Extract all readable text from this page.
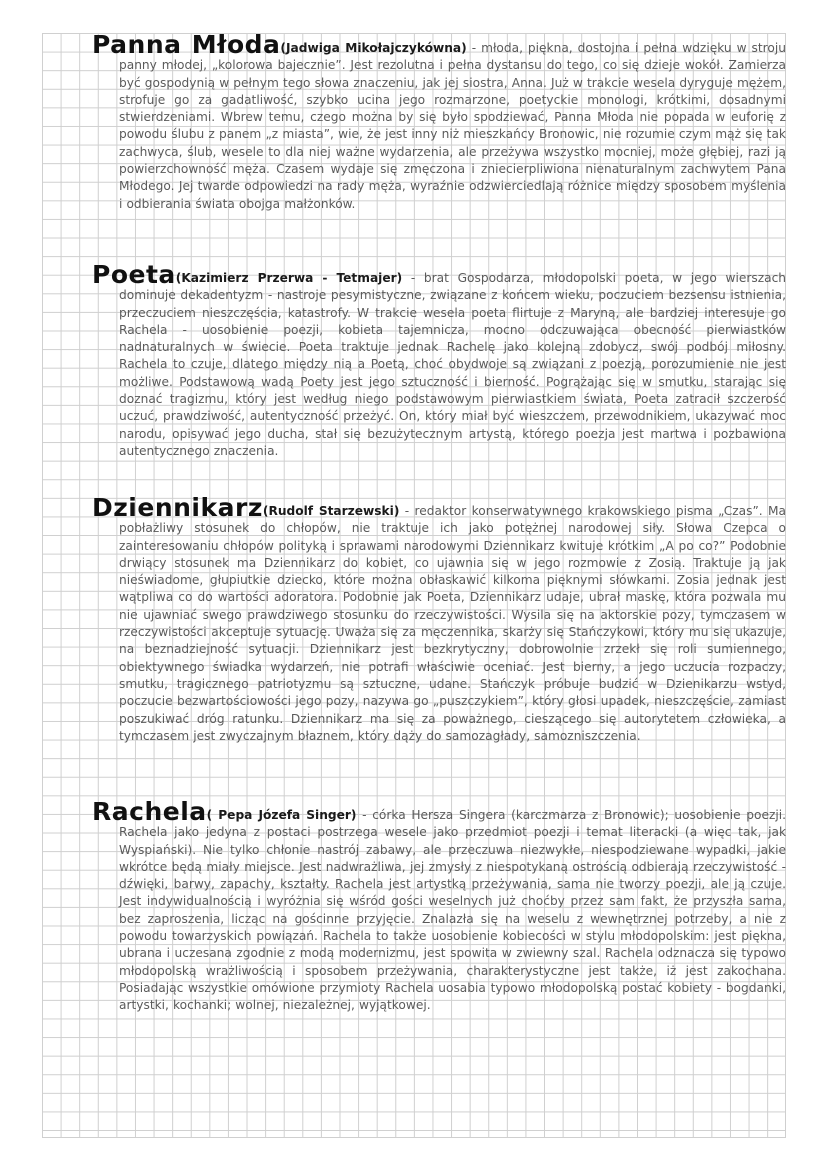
Panna Młoda(Jadwiga Mikołajczykówna) - młoda, piękna, dostojna i pełna wdzięku w stroju panny młodej, „kolorowa bajecznie”. Jest rezolutna i pełna dystansu do tego, co się dzieje wokół. Zamierza być gospodynią w pełnym tego słowa znaczeniu, jak jej siostra, Anna. Już w trakcie wesela dyryguje mężem, strofuje go za gadatliwość, szybko ucina jego rozmarzone, poetyckie monologi, krótkimi, dosadnymi stwierdzeniami. Wbrew temu, czego można by się było spodziewać, Panna Młoda nie popada w euforię z powodu ślubu z panem „z miasta”, wie, że jest inny niż mieszkańcy Bronowic, nie rozumie czym mąż się tak zachwyca, ślub, wesele to dla niej ważne wydarzenia, ale przeżywa wszystko mocniej, może głębiej, razi ją powierzchowność męża. Czasem wydaje się zmęczona i zniecierpliwiona nienaturalnym zachwytem Pana Młodego. Jej twarde odpowiedzi na rady męża, wyraźnie odzwierciedlają różnice między sposobem myślenia i odbierania świata obojga małżonków.

Poeta(Kazimierz Przerwa - Tetmajer) - brat Gospodarza, młodopolski poeta, w jego wierszach dominuje dekadentyzm - nastroje pesymistyczne, związane z końcem wieku, poczuciem bezsensu istnienia, przeczuciem nieszczęścia, katastrofy. W trakcie wesela poeta flirtuje z Maryną, ale bardziej interesuje go Rachela - uosobienie poezji, kobieta tajemnicza, mocno odczuwająca obecność pierwiastków nadnaturalnych w świecie. Poeta traktuje jednak Rachelę jako kolejną zdobycz, swój podbój miłosny. Rachela to czuje, dlatego między nią a Poetą, choć obydwoje są związani z poezją, porozumienie nie jest możliwe. Podstawową wadą Poety jest jego sztuczność i bierność. Pogrążając się w smutku, starając się doznać tragizmu, który jest według niego podstawowym pierwiastkiem świata, Poeta zatracił szczerość uczuć, prawdziwość, autentyczność przeżyć. On, który miał być wieszczem, przewodnikiem, ukazywać moc narodu, opisywać jego ducha, stał się bezużytecznym artystą, którego poezja jest martwa i pozbawiona autentycznego znaczenia.

Dziennikarz(Rudolf Starzewski) - redaktor konserwatywnego krakowskiego pisma „Czas”. Ma pobłażliwy stosunek do chłopów, nie traktuje ich jako potężnej narodowej siły. Słowa Czepca o zainteresowaniu chłopów polityką i sprawami narodowymi Dziennikarz kwituje krótkim „A po co?” Podobnie drwiący stosunek ma Dziennikarz do kobiet, co ujawnia się w jego rozmowie z Zosią. Traktuje ją jak nieświadome, głupiutkie dziecko, które można obłaskawić kilkoma pięknymi słówkami. Zosia jednak jest wątpliwa co do wartości adoratora. Podobnie jak Poeta, Dziennikarz udaje, ubrał maskę, która pozwala mu nie ujawniać swego prawdziwego stosunku do rzeczywistości. Wysila się na aktorskie pozy, tymczasem w rzeczywistości akceptuje sytuację. Uważa się za męczennika, skarży się Stańczykowi, który mu się ukazuje, na beznadziejność sytuacji. Dziennikarz jest bezkrytyczny, dobrowolnie zrzekł się roli sumiennego, obiektywnego świadka wydarzeń, nie potrafi właściwie oceniać. Jest bierny, a jego uczucia rozpaczy, smutku, tragicznego patriotyzmu są sztuczne, udane. Stańczyk próbuje budzić w Dzienikarzu wstyd, poczucie bezwartościowości jego pozy, nazywa go „puszczykiem”, który głosi upadek, nieszczęście, zamiast poszukiwać dróg ratunku. Dziennikarz ma się za poważnego, cieszącego się autorytetem człowieka, a tymczasem jest zwyczajnym błaznem, który dąży do samozagłady, samozniszczenia.

Rachela( Pepa Józefa Singer) - córka Hersza Singera (karczmarza z Bronowic); uosobienie poezji. Rachela jako jedyna z postaci postrzega wesele jako przedmiot poezji i temat literacki (a więc tak, jak Wyspiański). Nie tylko chłonie nastrój zabawy, ale przeczuwa niezwykłe, niespodziewane wypadki, jakie wkrótce będą miały miejsce. Jest nadwrażliwa, jej zmysły z niespotykaną ostrością odbierają rzeczywistość - dźwięki, barwy, zapachy, kształty. Rachela jest artystką przeżywania, sama nie tworzy poezji, ale ją czuje. Jest indywidualnością i wyróżnia się wśród gości weselnych już choćby przez sam fakt, że przyszła sama, bez zaproszenia, licząc na gościnne przyjęcie. Znalazła się na weselu z wewnętrznej potrzeby, a nie z powodu towarzyskich powiązań. Rachela to także uosobienie kobiecości w stylu młodopolskim: jest piękna, ubrana i uczesana zgodnie z modą modernizmu, jest spowita w zwiewny szal. Rachela odznacza się typowo młodopolską wrażliwością i sposobem przeżywania, charakterystyczne jest także, iż jest zakochana. Posiadając wszystkie omówione przymioty Rachela uosabia typowo młodopolską postać kobiety - bogdanki, artystki, kochanki; wolnej, niezależnej, wyjątkowej.
